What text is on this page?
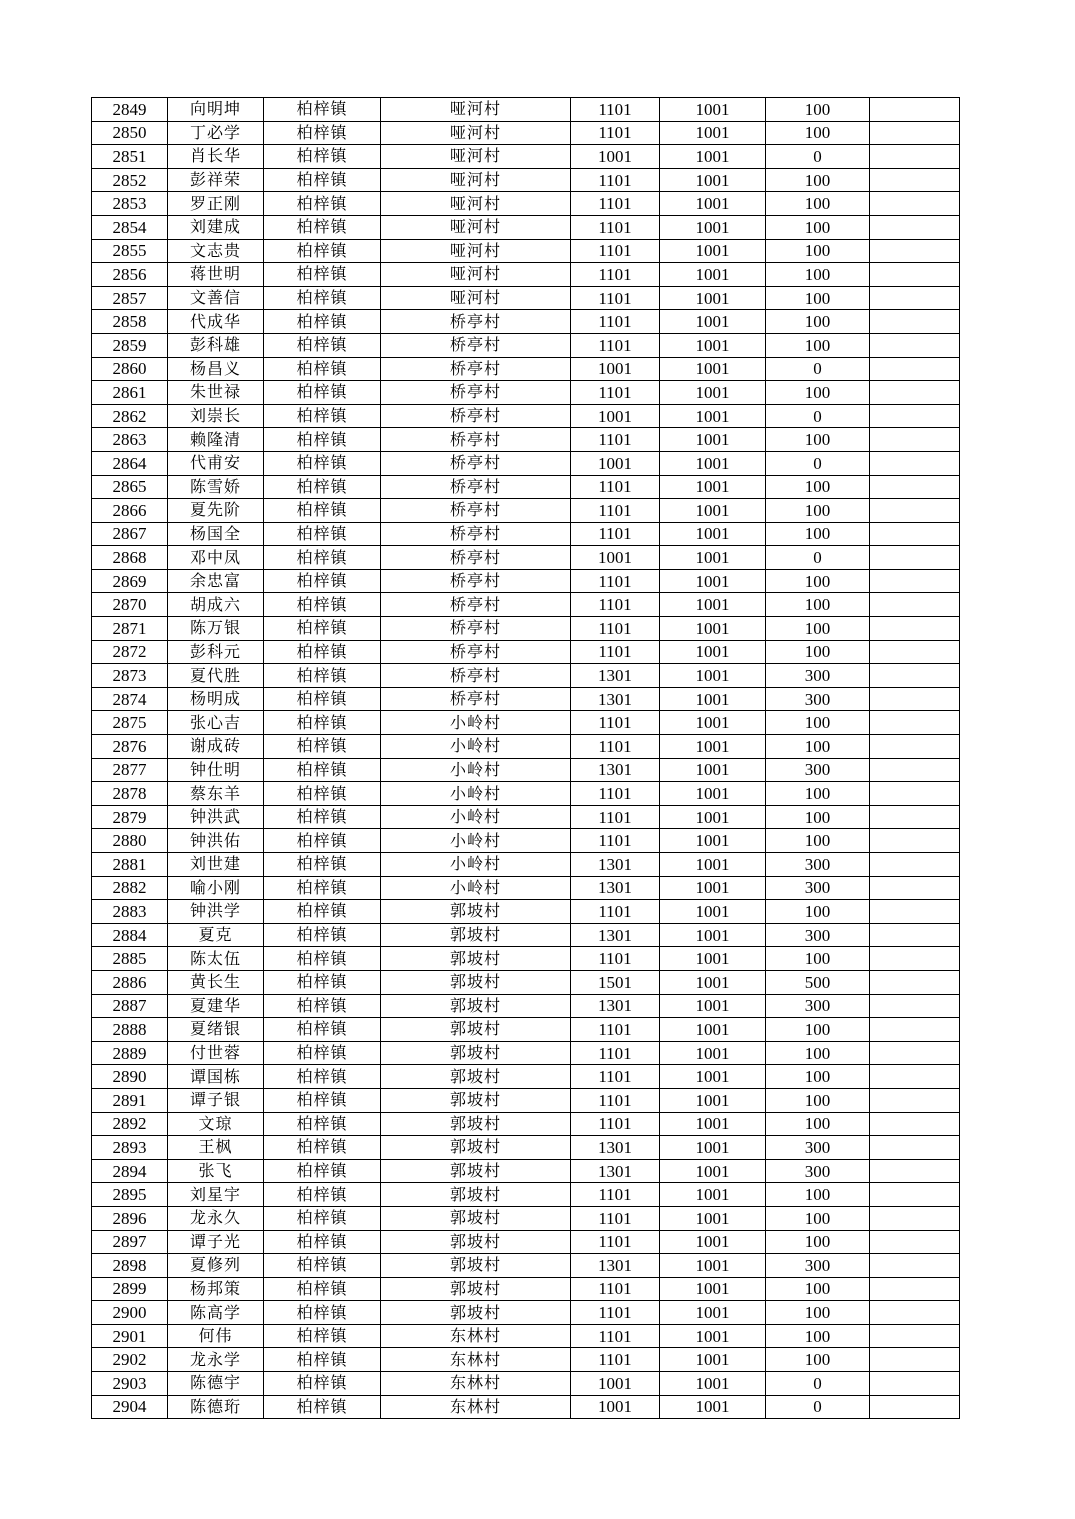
2849	向明坤	柏梓镇	哑河村	1101	1001	100	
2850	丁必学	柏梓镇	哑河村	1101	1001	100	
2851	肖长华	柏梓镇	哑河村	1001	1001	0	
2852	彭祥荣	柏梓镇	哑河村	1101	1001	100	
2853	罗正刚	柏梓镇	哑河村	1101	1001	100	
2854	刘建成	柏梓镇	哑河村	1101	1001	100	
2855	文志贵	柏梓镇	哑河村	1101	1001	100	
2856	蒋世明	柏梓镇	哑河村	1101	1001	100	
2857	文善信	柏梓镇	哑河村	1101	1001	100	
2858	代成华	柏梓镇	桥亭村	1101	1001	100	
2859	彭科雄	柏梓镇	桥亭村	1101	1001	100	
2860	杨昌义	柏梓镇	桥亭村	1001	1001	0	
2861	朱世禄	柏梓镇	桥亭村	1101	1001	100	
2862	刘崇长	柏梓镇	桥亭村	1001	1001	0	
2863	赖隆清	柏梓镇	桥亭村	1101	1001	100	
2864	代甫安	柏梓镇	桥亭村	1001	1001	0	
2865	陈雪娇	柏梓镇	桥亭村	1101	1001	100	
2866	夏先阶	柏梓镇	桥亭村	1101	1001	100	
2867	杨国全	柏梓镇	桥亭村	1101	1001	100	
2868	邓中凤	柏梓镇	桥亭村	1001	1001	0	
2869	余忠富	柏梓镇	桥亭村	1101	1001	100	
2870	胡成六	柏梓镇	桥亭村	1101	1001	100	
2871	陈万银	柏梓镇	桥亭村	1101	1001	100	
2872	彭科元	柏梓镇	桥亭村	1101	1001	100	
2873	夏代胜	柏梓镇	桥亭村	1301	1001	300	
2874	杨明成	柏梓镇	桥亭村	1301	1001	300	
2875	张心吉	柏梓镇	小岭村	1101	1001	100	
2876	谢成砖	柏梓镇	小岭村	1101	1001	100	
2877	钟仕明	柏梓镇	小岭村	1301	1001	300	
2878	蔡东羊	柏梓镇	小岭村	1101	1001	100	
2879	钟洪武	柏梓镇	小岭村	1101	1001	100	
2880	钟洪佑	柏梓镇	小岭村	1101	1001	100	
2881	刘世建	柏梓镇	小岭村	1301	1001	300	
2882	喻小刚	柏梓镇	小岭村	1301	1001	300	
2883	钟洪学	柏梓镇	郭坡村	1101	1001	100	
2884	夏克	柏梓镇	郭坡村	1301	1001	300	
2885	陈太伍	柏梓镇	郭坡村	1101	1001	100	
2886	黄长生	柏梓镇	郭坡村	1501	1001	500	
2887	夏建华	柏梓镇	郭坡村	1301	1001	300	
2888	夏绪银	柏梓镇	郭坡村	1101	1001	100	
2889	付世蓉	柏梓镇	郭坡村	1101	1001	100	
2890	谭国栋	柏梓镇	郭坡村	1101	1001	100	
2891	谭子银	柏梓镇	郭坡村	1101	1001	100	
2892	文琼	柏梓镇	郭坡村	1101	1001	100	
2893	王枫	柏梓镇	郭坡村	1301	1001	300	
2894	张飞	柏梓镇	郭坡村	1301	1001	300	
2895	刘星宇	柏梓镇	郭坡村	1101	1001	100	
2896	龙永久	柏梓镇	郭坡村	1101	1001	100	
2897	谭子光	柏梓镇	郭坡村	1101	1001	100	
2898	夏修列	柏梓镇	郭坡村	1301	1001	300	
2899	杨邦策	柏梓镇	郭坡村	1101	1001	100	
2900	陈高学	柏梓镇	郭坡村	1101	1001	100	
2901	何伟	柏梓镇	东林村	1101	1001	100	
2902	龙永学	柏梓镇	东林村	1101	1001	100	
2903	陈德宇	柏梓镇	东林村	1001	1001	0	
2904	陈德珩	柏梓镇	东林村	1001	1001	0	
